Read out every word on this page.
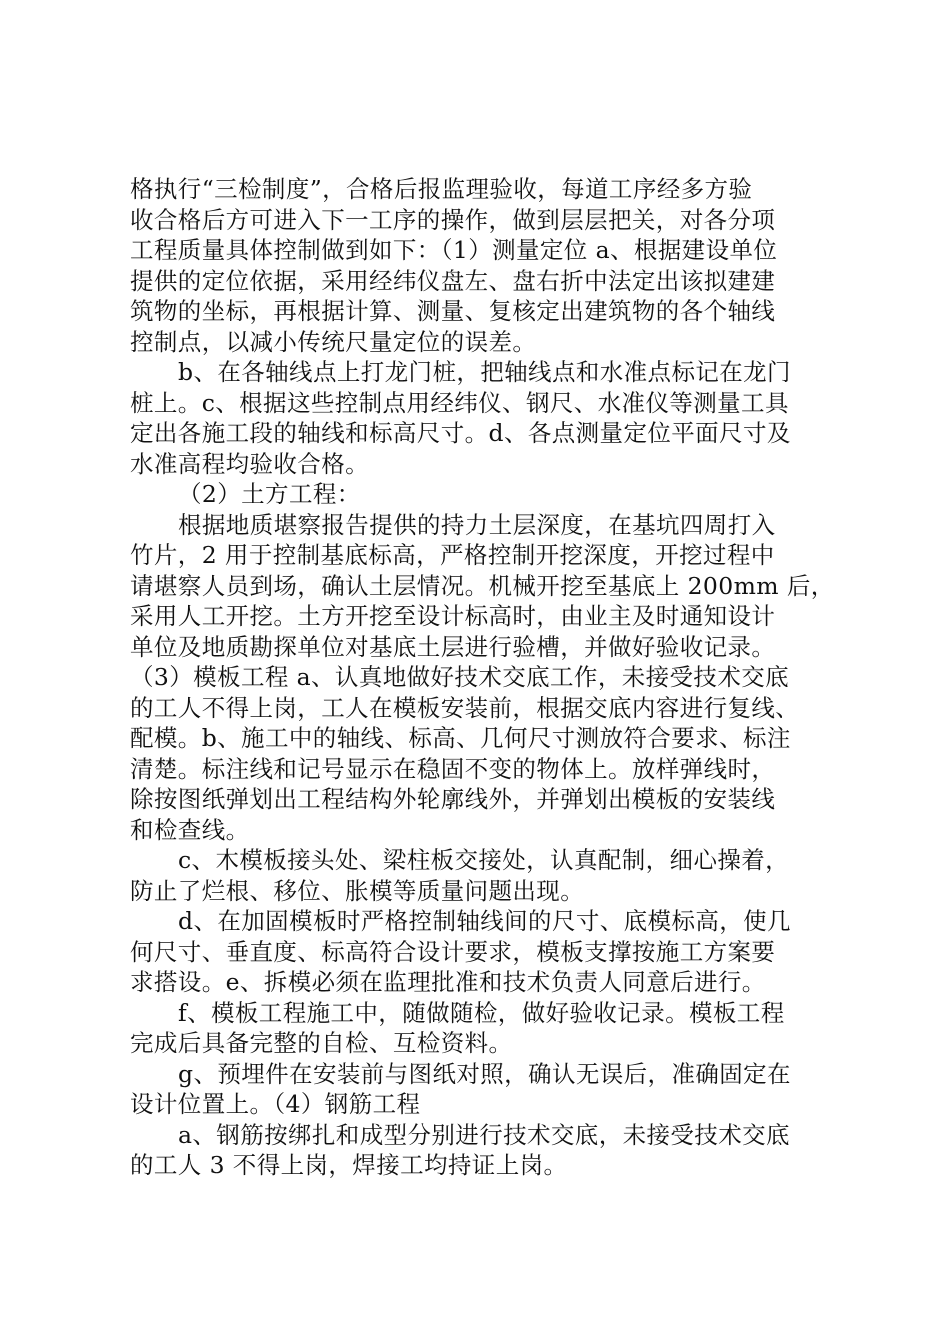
格执行“三检制度”，合格后报监理验收，每道工序经多方验
收合格后方可进入下一工序的操作，做到层层把关，对各分项
工程质量具体控制做到如下：（1）测量定位 a、根据建设单位
提供的定位依据，采用经纬仪盘左、盘右折中法定出该拟建建
筑物的坐标，再根据计算、测量、复核定出建筑物的各个轴线
控制点，以减小传统尺量定位的误差。
b、在各轴线点上打龙门桩，把轴线点和水准点标记在龙门
桩上。c、根据这些控制点用经纬仪、钢尺、水准仪等测量工具
定出各施工段的轴线和标高尺寸。d、各点测量定位平面尺寸及
水准高程均验收合格。
（2）土方工程：
根据地质堪察报告提供的持力土层深度，在基坑四周打入
竹片，2 用于控制基底标高，严格控制开挖深度，开挖过程中
请堪察人员到场，确认土层情况。机械开挖至基底上 200mm 后，
采用人工开挖。土方开挖至设计标高时，由业主及时通知设计
单位及地质勘探单位对基底土层进行验槽，并做好验收记录。
（3）模板工程 a、认真地做好技术交底工作，未接受技术交底
的工人不得上岗，工人在模板安装前，根据交底内容进行复线、
配模。b、施工中的轴线、标高、几何尺寸测放符合要求、标注
清楚。标注线和记号显示在稳固不变的物体上。放样弹线时，
除按图纸弹划出工程结构外轮廓线外，并弹划出模板的安装线
和检查线。
c、木模板接头处、梁柱板交接处，认真配制，细心操着，
防止了烂根、移位、胀模等质量问题出现。
d、在加固模板时严格控制轴线间的尺寸、底模标高，使几
何尺寸、垂直度、标高符合设计要求，模板支撑按施工方案要
求搭设。e、拆模必须在监理批准和技术负责人同意后进行。
f、模板工程施工中，随做随检，做好验收记录。模板工程
完成后具备完整的自检、互检资料。
g、预埋件在安装前与图纸对照，确认无误后，准确固定在
设计位置上。（4）钢筋工程
a、钢筋按绑扎和成型分别进行技术交底，未接受技术交底
的工人 3 不得上岗，焊接工均持证上岗。
